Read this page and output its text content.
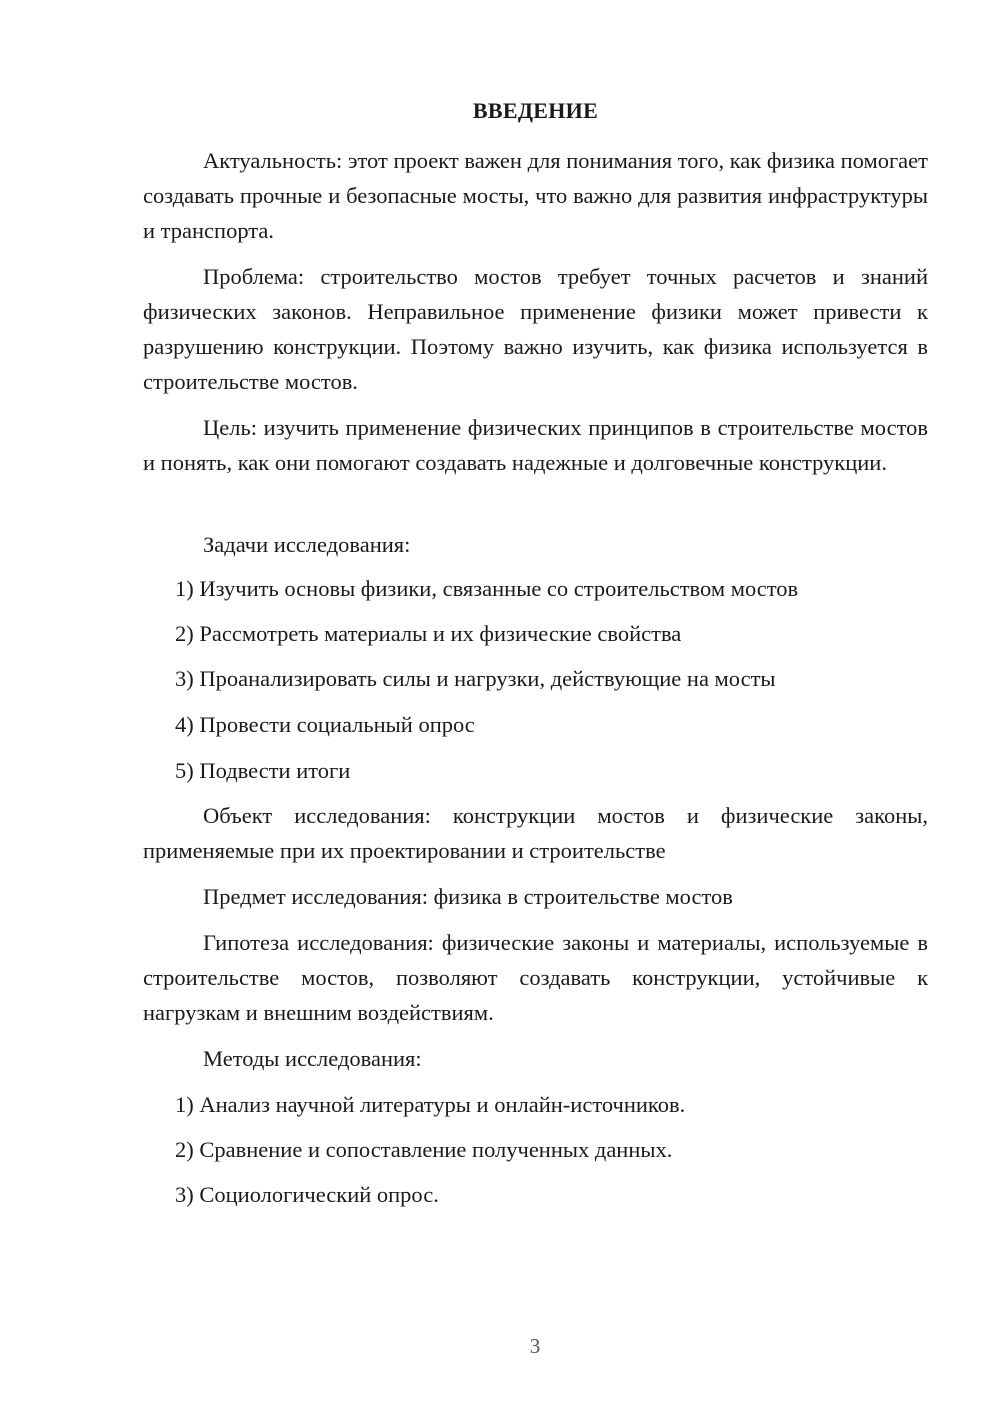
ВВЕДЕНИЕ

Актуальность: этот проект важен для понимания того, как физика помогает создавать прочные и безопасные мосты, что важно для развития инфраструктуры и транспорта.

Проблема: строительство мостов требует точных расчетов и знаний физических законов. Неправильное применение физики может привести к разрушению конструкции. Поэтому важно изучить, как физика используется в строительстве мостов.

Цель: изучить применение физических принципов в строительстве мостов и понять, как они помогают создавать надежные и долговечные конструкции.

Задачи исследования:

1) Изучить основы физики, связанные со строительством мостов

2) Рассмотреть материалы и их физические свойства

3) Проанализировать силы и нагрузки, действующие на мосты

4) Провести социальный опрос

5) Подвести итоги

Объект исследования: конструкции мостов и физические законы, применяемые при их проектировании и строительстве

Предмет исследования: физика в строительстве мостов

Гипотеза исследования: физические законы и материалы, используемые в строительстве мостов, позволяют создавать конструкции, устойчивые к нагрузкам и внешним воздействиям.

Методы исследования:

1) Анализ научной литературы и онлайн-источников.

2) Сравнение и сопоставление полученных данных.

3) Социологический опрос.

3
